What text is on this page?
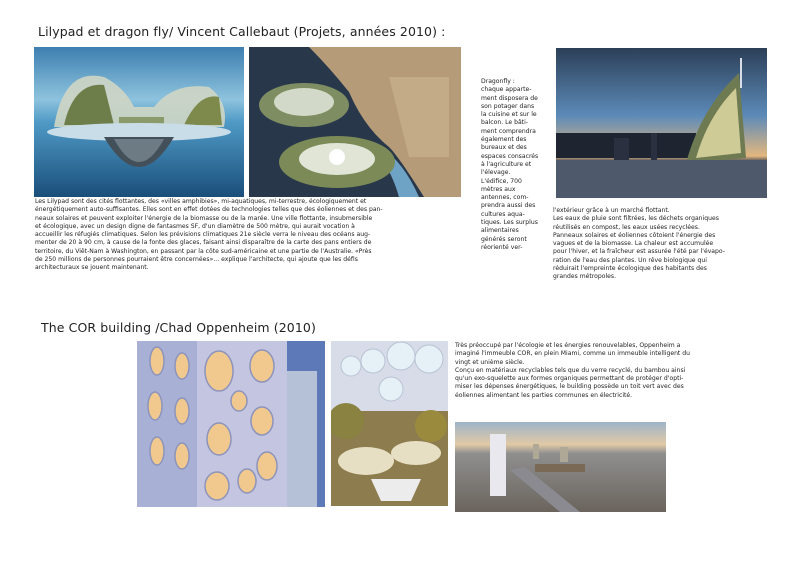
Lilypad et dragon fly/ Vincent Callebaut (Projets, années 2010) :
Dragonfly :
chaque apparte-
ment disposera de
son potager dans
la cuisine et sur le
balcon. Le bâti-
ment comprendra
également des
bureaux et des
espaces consacrés
à l'agriculture et
l'élevage.
L'édifice, 700
mètres aux
antennes, com-
prendra aussi des
cultures aqua-
tiques. Les surplus
alimentaires
générés seront
réorienté ver-
Les Lilypad sont des cités flottantes, des «villes amphibies», mi-aquatiques, mi-terrestre, écologiquement et
énergétiquement auto-suffisantes. Elles sont en effet dotées de technologies telles que des éoliennes et des pan-
neaux solaires et peuvent exploiter l'énergie de la biomasse ou de la marée. Une ville flottante, insubmersible
et écologique, avec un design digne de fantasmes SF, d'un diamètre de 500 mètre, qui aurait vocation à
accueillir les réfugiés climatiques. Selon les prévisions climatiques 21e siècle verra le niveau des océans aug-
menter de 20 à 90 cm, à cause de la fonte des glaces, faisant ainsi disparaître de la carte des pans entiers de
territoire, du Viêt-Nam à Washington, en passant par la côte sud-américaine et une partie de l'Australie. «Près
de 250 millions de personnes pourraient être concernées»... explique l'architecte, qui ajoute que les défis
architecturaux se jouent maintenant.
l'extérieur grâce à un marché flottant.
Les eaux de pluie sont filtrées, les déchets organiques
réutilisés en compost, les eaux usées recyclées.
Panneaux solaires et éoliennes côtoient l'énergie des
vagues et de la biomasse. La chaleur est accumulée
pour l'hiver, et la fraîcheur est assurée l'été par l'évapo-
ration de l'eau des plantes. Un rêve biologique qui
réduirait l'empreinte écologique des habitants des
grandes métropoles.
The COR building /Chad Oppenheim (2010)
Très préoccupé par l'écologie et les énergies renouvelables, Oppenheim a
imaginé l'immeuble COR, en plein Miami, comme un immeuble intelligent du
vingt et unième siècle.
Conçu en matériaux recyclables tels que du verre recyclé, du bambou ainsi
qu'un exo-squelette aux formes organiques permettant de protéger d'opti-
miser les dépenses énergétiques, le building possède un toit vert avec des
éoliennes alimentant les parties communes en électricité.
